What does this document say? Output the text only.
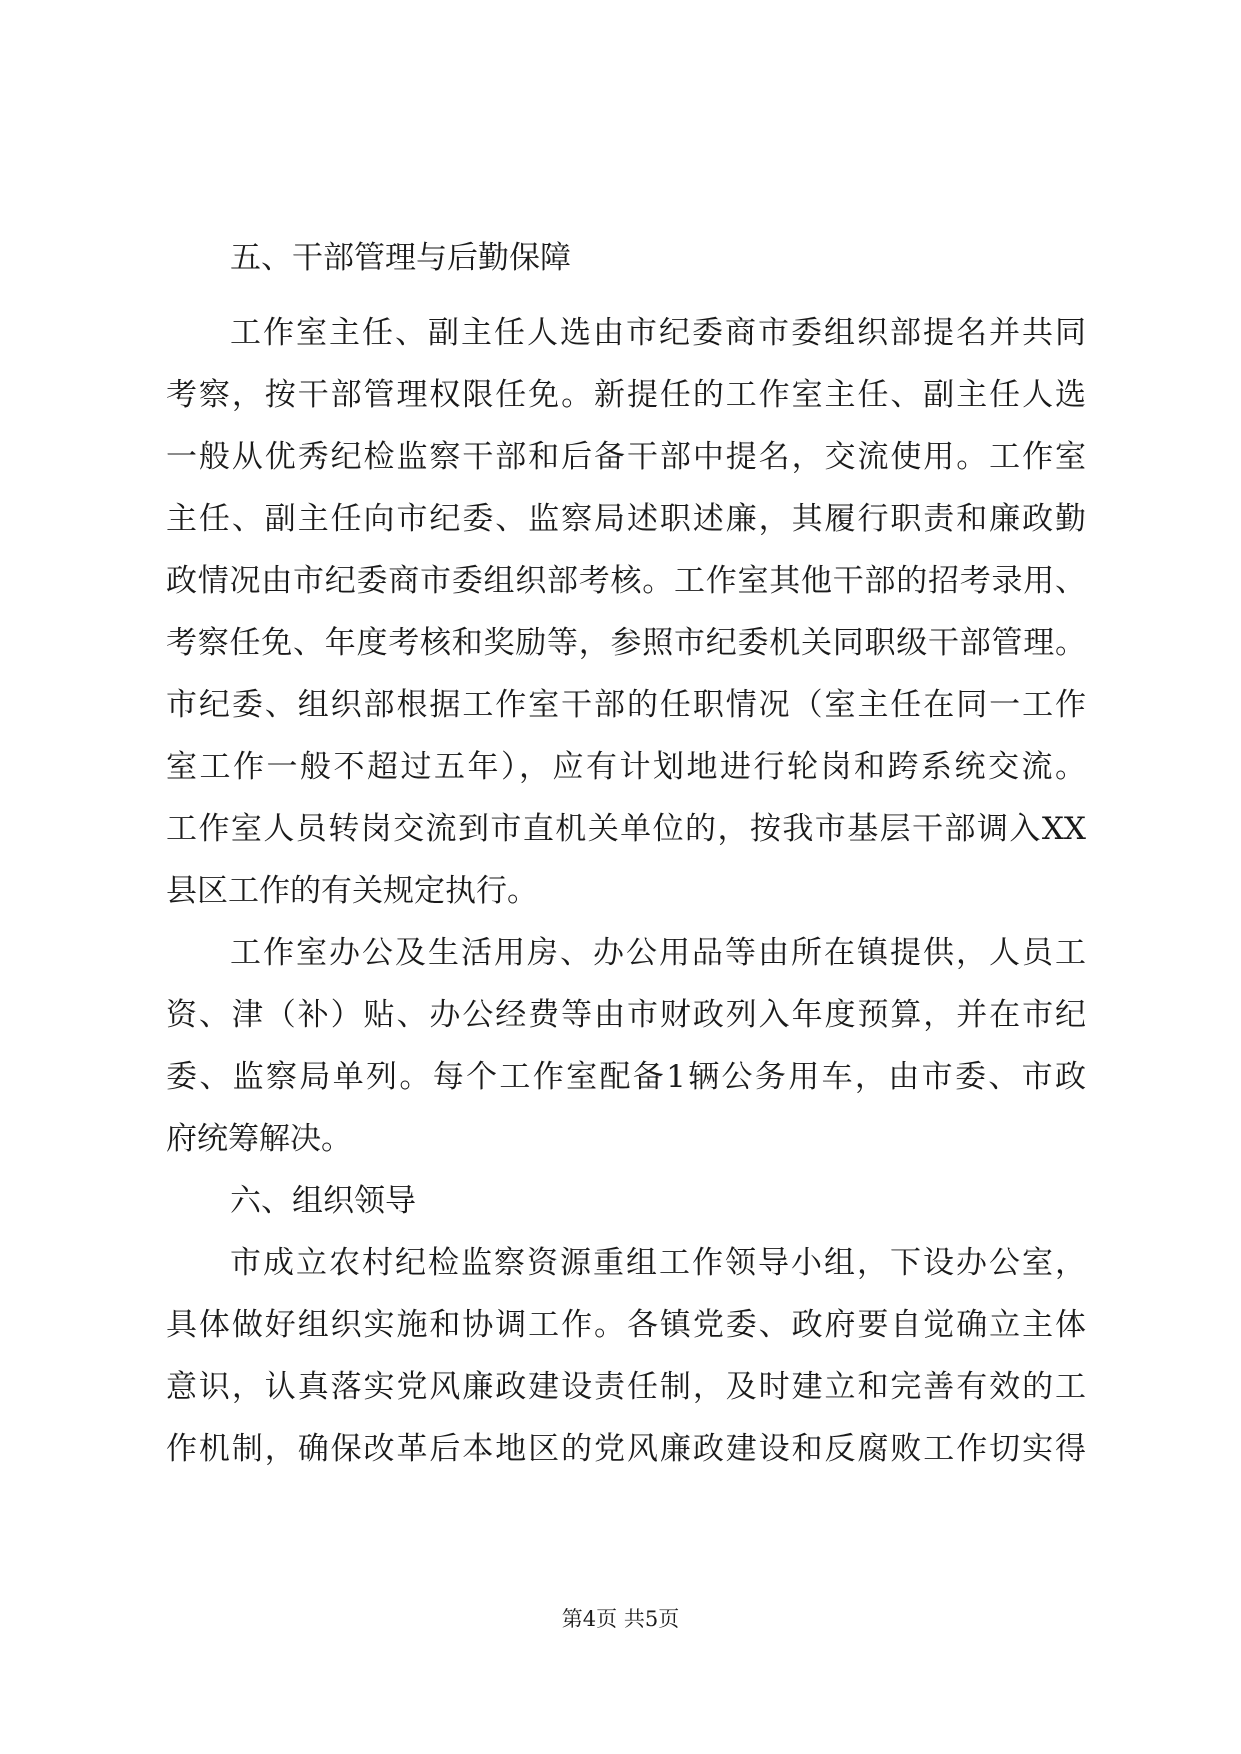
五、干部管理与后勤保障
工作室主任、副主任人选由市纪委商市委组织部提名并共同
考察，按干部管理权限任免。新提任的工作室主任、副主任人选
一般从优秀纪检监察干部和后备干部中提名，交流使用。工作室
主任、副主任向市纪委、监察局述职述廉，其履行职责和廉政勤
政情况由市纪委商市委组织部考核。工作室其他干部的招考录用、
考察任免、年度考核和奖励等，参照市纪委机关同职级干部管理。
市纪委、组织部根据工作室干部的任职情况（室主任在同一工作
室工作一般不超过五年），应有计划地进行轮岗和跨系统交流。
工作室人员转岗交流到市直机关单位的，按我市基层干部调入XX
县区工作的有关规定执行。
工作室办公及生活用房、办公用品等由所在镇提供，人员工
资、津（补）贴、办公经费等由市财政列入年度预算，并在市纪
委、监察局单列。每个工作室配备1辆公务用车，由市委、市政
府统筹解决。
六、组织领导
市成立农村纪检监察资源重组工作领导小组，下设办公室，
具体做好组织实施和协调工作。各镇党委、政府要自觉确立主体
意识，认真落实党风廉政建设责任制，及时建立和完善有效的工
作机制，确保改革后本地区的党风廉政建设和反腐败工作切实得
第4页 共5页
